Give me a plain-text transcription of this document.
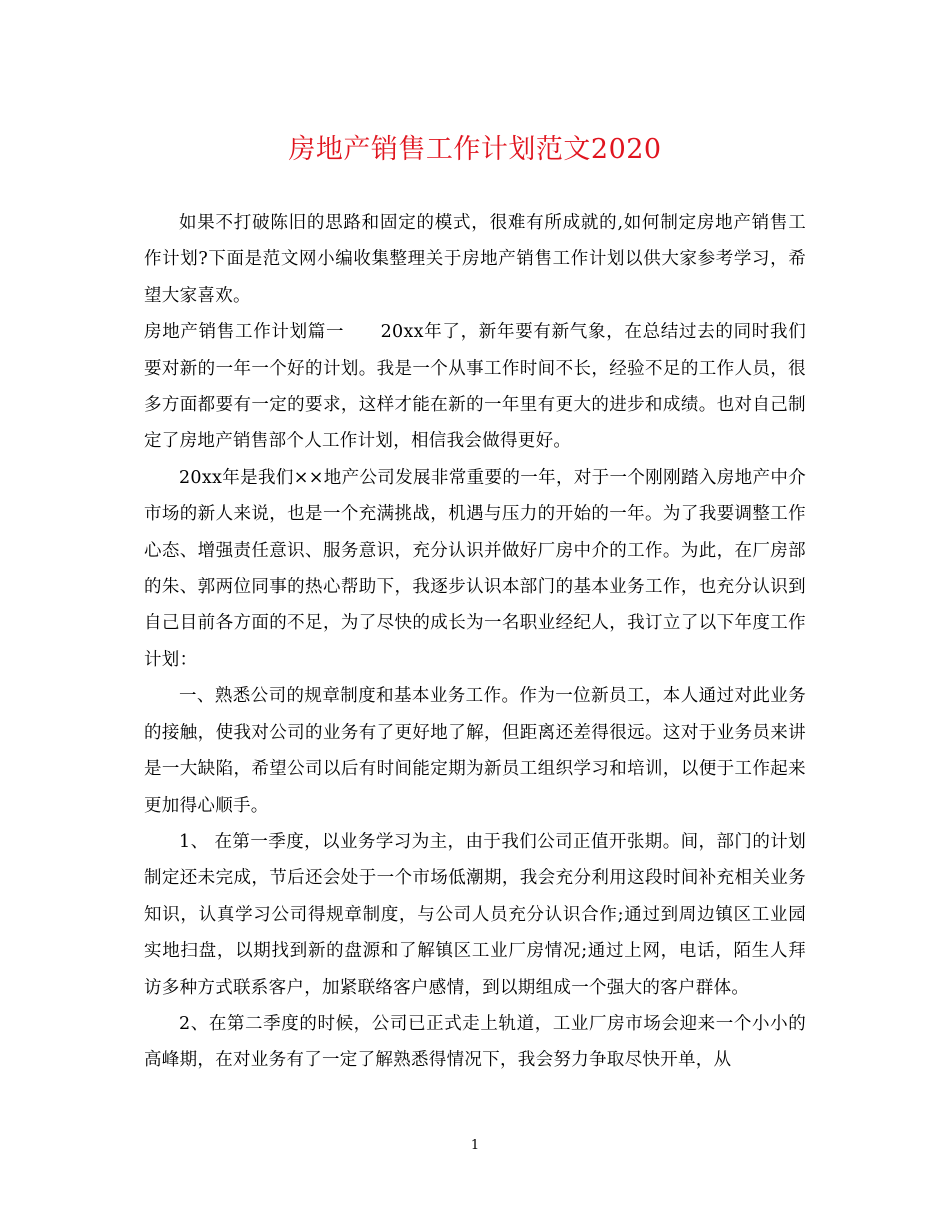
房地产销售工作计划范文2020

如果不打破陈旧的思路和固定的模式，很难有所成就的,如何制定房地产销售工作计划?下面是范文网小编收集整理关于房地产销售工作计划以供大家参考学习，希望大家喜欢。

房地产销售工作计划篇一　　20xx年了，新年要有新气象，在总结过去的同时我们要对新的一年一个好的计划。我是一个从事工作时间不长，经验不足的工作人员，很多方面都要有一定的要求，这样才能在新的一年里有更大的进步和成绩。也对自己制定了房地产销售部个人工作计划，相信我会做得更好。

20xx年是我们××地产公司发展非常重要的一年，对于一个刚刚踏入房地产中介市场的新人来说，也是一个充满挑战，机遇与压力的开始的一年。为了我要调整工作心态、增强责任意识、服务意识，充分认识并做好厂房中介的工作。为此，在厂房部的朱、郭两位同事的热心帮助下，我逐步认识本部门的基本业务工作，也充分认识到自己目前各方面的不足，为了尽快的成长为一名职业经纪人，我订立了以下年度工作计划：

一、熟悉公司的规章制度和基本业务工作。作为一位新员工，本人通过对此业务的接触，使我对公司的业务有了更好地了解，但距离还差得很远。这对于业务员来讲是一大缺陷，希望公司以后有时间能定期为新员工组织学习和培训，以便于工作起来更加得心顺手。

1、 在第一季度，以业务学习为主，由于我们公司正值开张期。间，部门的计划制定还未完成，节后还会处于一个市场低潮期，我会充分利用这段时间补充相关业务知识，认真学习公司得规章制度，与公司人员充分认识合作;通过到周边镇区工业园实地扫盘，以期找到新的盘源和了解镇区工业厂房情况;通过上网，电话，陌生人拜访多种方式联系客户，加紧联络客户感情，到以期组成一个强大的客户群体。

2、在第二季度的时候，公司已正式走上轨道，工业厂房市场会迎来一个小小的高峰期，在对业务有了一定了解熟悉得情况下，我会努力争取尽快开单，从

1
